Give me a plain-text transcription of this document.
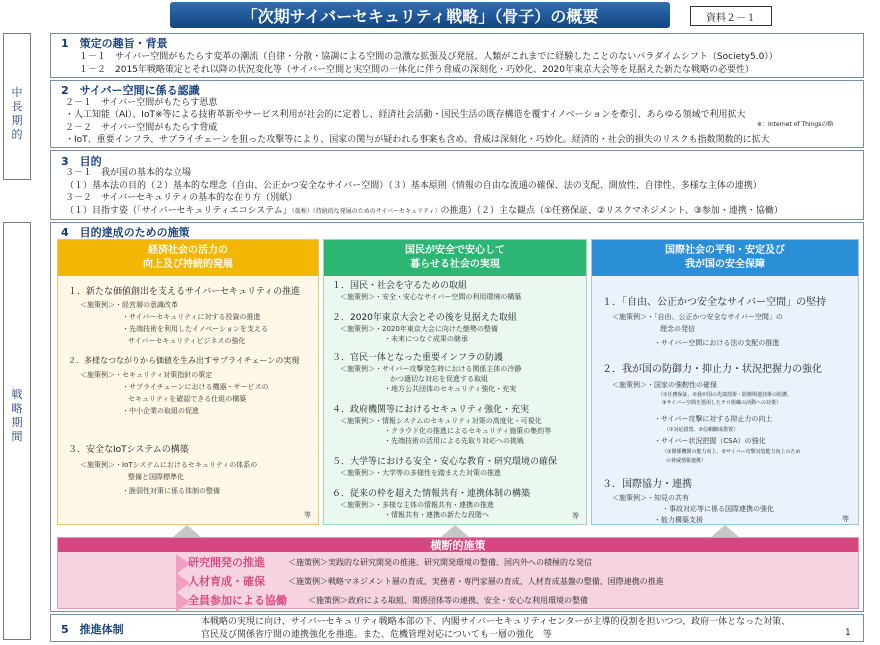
「次期サイバーセキュリティ戦略」（骨子）の概要	資料２－１
中
長
期
的
戦
略
期
間
1　策定の趣旨・背景
１－１　サイバー空間がもたらす変革の潮流（自律・分散・協調による空間の急激な拡張及び発展、人類がこれまでに経験したことのないパラダイムシフト（Society5.0））
１－２　2015年戦略策定とそれ以降の状況変化等（サイバー空間と実空間の一体化に伴う脅威の深刻化・巧妙化、2020年東京大会等を見据えた新たな戦略の必要性）
2　サイバー空間に係る認識
２－１　サイバー空間がもたらす恩恵
・人工知能（AI）、IoT※等による技術革新やサービス利用が社会的に定着し、経済社会活動・国民生活の既存構造を覆すイノベーションを牽引、あらゆる領域で利用拡大
※：Internet of Thingsの略
２－２　サイバー空間がもたらす脅威
・IoT、重要インフラ、サプライチェーンを狙った攻撃等により、国家の関与が疑われる事案も含め、脅威は深刻化・巧妙化。経済的・社会的損失のリスクも指数関数的に拡大
3　目的
３－１　我が国の基本的な立場
（１）基本法の目的（２）基本的な理念（自由、公正かつ安全なサイバー空間）（３）基本原則（情報の自由な流通の確保、法の支配、開放性、自律性、多様な主体の連携）
３－２　サイバーセキュリティの基本的な在り方（別紙）
（１）目指す姿（「サイバーセキュリティエコシステム」（仮称）（持続的な発展のためのサイバーセキュリティ）の推進）（２）主な観点（①任務保証、②リスクマネジメント、③参加・連携・協働）
4　目的達成のための施策
経済社会の活力の
向上及び持続的発展
１．新たな価値創出を支えるサイバーセキュリティの推進
＜施策例＞・経営層の意識改革
・サイバーセキュリティに対する投資の推進
・先端技術を利用したイノベーションを支える
サイバーセキュリティビジネスの強化
２．多様なつながりから価値を生み出すサプライチェーンの実現
＜施策例＞・セキュリティ対策指針の策定
・サプライチェーンにおける機器・サービスの
セキュリティを確認できる仕組の構築
・中小企業の取組の促進
３．安全なIoTシステムの構築
＜施策例＞・IoTシステムにおけるセキュリティの体系の
整備と国際標準化
・脆弱性対策に係る体制の整備
等
国民が安全で安心して
暮らせる社会の実現
１．国民・社会を守るための取組
＜施策例＞・安全・安心なサイバー空間の利用環境の構築
２．2020年東京大会とその後を見据えた取組
＜施策例＞・2020年東京大会に向けた態勢の整備
・未来につなぐ成果の継承
３．官民一体となった重要インフラの防護
＜施策例＞・サイバー攻撃発生時における関係主体の冷静
かつ適切な対応を促進する取組
・地方公共団体のセキュリティ強化・充実
４．政府機関等におけるセキュリティ強化・充実
＜施策例＞・情報システムのセキュリティ対策の高度化・可視化
・クラウド化の推進によるセキュリティ施策の集約等
・先端技術の活用による先取り対応への挑戦
５．大学等における安全・安心な教育・研究環境の確保
＜施策例＞・大学等の多様性を踏まえた対策の推進
６．従来の枠を超えた情報共有・連携体制の構築
＜施策例＞・多様な主体の情報共有・連携の推進
・情報共有・連携の新たな段階へ	等
国際社会の平和・安定及び
我が国の安全保障
１．「自由、公正かつ安全なサイバー空間」の堅持
＜施策例＞・「自由、公正かつ安全なサイバー空間」の
理念の発信
・サイバー空間における法の支配の推進
２．我が国の防御力・抑止力・状況把握力の強化
＜施策例＞・国家の強靭性の確保
（①任務保証、②我が国の先端技術・防衛関連技術の防護、
③サイバー空間を悪用したテロ組織の活動への対策）
・サイバー攻撃に対する抑止力の向上
（①対応措置、②信頼醸成措置）
・サイバー状況把握（CSA）の強化
（①関係機関の能力向上、②サイバー攻撃対処能力向上のため
の脅威情報連携）
３．国際協力・連携
＜施策例＞・知見の共有
・事故対応等に係る国際連携の強化
・能力構築支援	等
横断的施策
研究開発の推進	＜施策例＞実践的な研究開発の推進、研究開発環境の整備、国内外への積極的な発信
人材育成・確保	＜施策例＞戦略マネジメント層の育成、実務者・専門家層の育成、人材育成基盤の整備、国際連携の推進
全員参加による協働	＜施策例＞政府による取組、関係団体等の連携、安全・安心な利用環境の整備
5　推進体制
本戦略の実現に向け、サイバーセキュリティ戦略本部の下、内閣サイバーセキュリティセンターが主導的役割を担いつつ、政府一体となった対策、
官民及び関係省庁間の連携強化を推進。また、危機管理対応についても一層の強化　等	1
